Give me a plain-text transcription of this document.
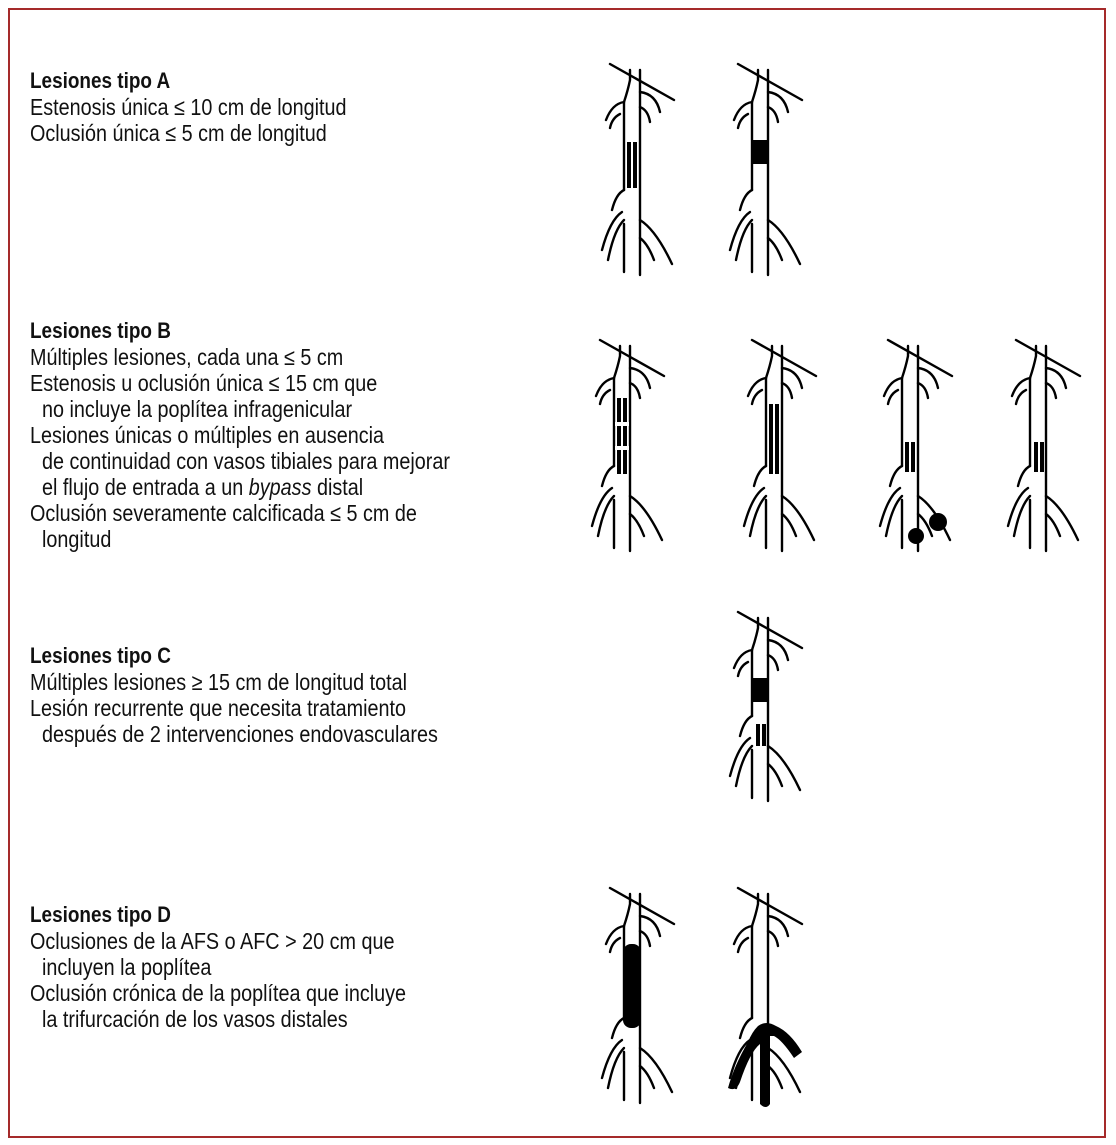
Lesiones tipo A
Estenosis única ≤ 10 cm de longitud
Oclusión única ≤ 5 cm de longitud
Lesiones tipo B
Múltiples lesiones, cada una ≤ 5 cm
Estenosis u oclusión única ≤ 15 cm que
no incluye la poplítea infragenicular
Lesiones únicas o múltiples en ausencia
de continuidad con vasos tibiales para mejorar
el flujo de entrada a un bypass distal
Oclusión severamente calcificada ≤ 5 cm de
longitud
Lesiones tipo C
Múltiples lesiones ≥ 15 cm de longitud total
Lesión recurrente que necesita tratamiento
después de 2 intervenciones endovasculares
Lesiones tipo D
Oclusiones de la AFS o AFC > 20 cm que
incluyen la poplítea
Oclusión crónica de la poplítea que incluye
la trifurcación de los vasos distales
